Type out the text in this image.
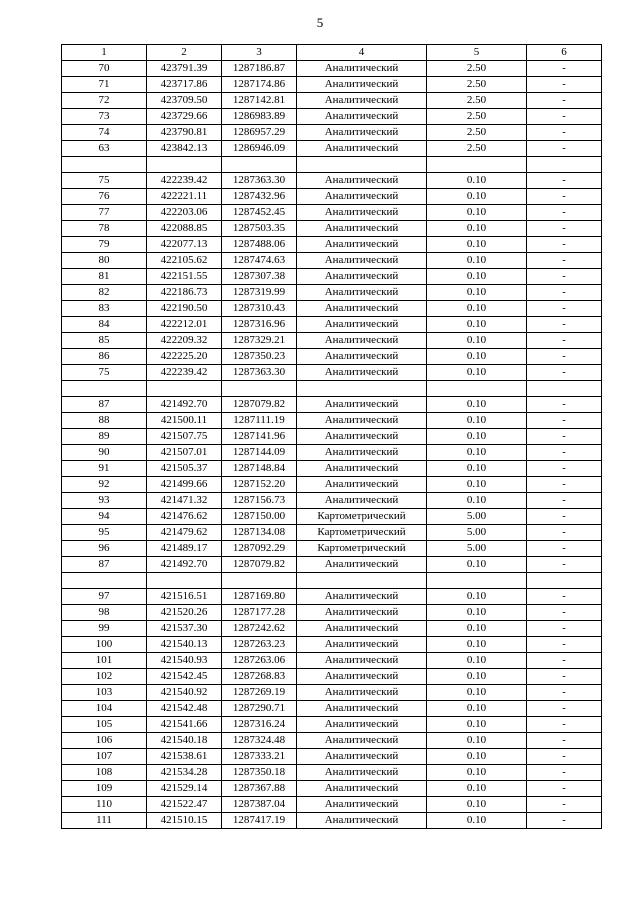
5
1	2	3	4	5	6
70	423791.39	1287186.87	Аналитический	2.50	-
71	423717.86	1287174.86	Аналитический	2.50	-
72	423709.50	1287142.81	Аналитический	2.50	-
73	423729.66	1286983.89	Аналитический	2.50	-
74	423790.81	1286957.29	Аналитический	2.50	-
63	423842.13	1286946.09	Аналитический	2.50	-

75	422239.42	1287363.30	Аналитический	0.10	-
76	422221.11	1287432.96	Аналитический	0.10	-
77	422203.06	1287452.45	Аналитический	0.10	-
78	422088.85	1287503.35	Аналитический	0.10	-
79	422077.13	1287488.06	Аналитический	0.10	-
80	422105.62	1287474.63	Аналитический	0.10	-
81	422151.55	1287307.38	Аналитический	0.10	-
82	422186.73	1287319.99	Аналитический	0.10	-
83	422190.50	1287310.43	Аналитический	0.10	-
84	422212.01	1287316.96	Аналитический	0.10	-
85	422209.32	1287329.21	Аналитический	0.10	-
86	422225.20	1287350.23	Аналитический	0.10	-
75	422239.42	1287363.30	Аналитический	0.10	-

87	421492.70	1287079.82	Аналитический	0.10	-
88	421500.11	1287111.19	Аналитический	0.10	-
89	421507.75	1287141.96	Аналитический	0.10	-
90	421507.01	1287144.09	Аналитический	0.10	-
91	421505.37	1287148.84	Аналитический	0.10	-
92	421499.66	1287152.20	Аналитический	0.10	-
93	421471.32	1287156.73	Аналитический	0.10	-
94	421476.62	1287150.00	Картометрический	5.00	-
95	421479.62	1287134.08	Картометрический	5.00	-
96	421489.17	1287092.29	Картометрический	5.00	-
87	421492.70	1287079.82	Аналитический	0.10	-

97	421516.51	1287169.80	Аналитический	0.10	-
98	421520.26	1287177.28	Аналитический	0.10	-
99	421537.30	1287242.62	Аналитический	0.10	-
100	421540.13	1287263.23	Аналитический	0.10	-
101	421540.93	1287263.06	Аналитический	0.10	-
102	421542.45	1287268.83	Аналитический	0.10	-
103	421540.92	1287269.19	Аналитический	0.10	-
104	421542.48	1287290.71	Аналитический	0.10	-
105	421541.66	1287316.24	Аналитический	0.10	-
106	421540.18	1287324.48	Аналитический	0.10	-
107	421538.61	1287333.21	Аналитический	0.10	-
108	421534.28	1287350.18	Аналитический	0.10	-
109	421529.14	1287367.88	Аналитический	0.10	-
110	421522.47	1287387.04	Аналитический	0.10	-
111	421510.15	1287417.19	Аналитический	0.10	-
